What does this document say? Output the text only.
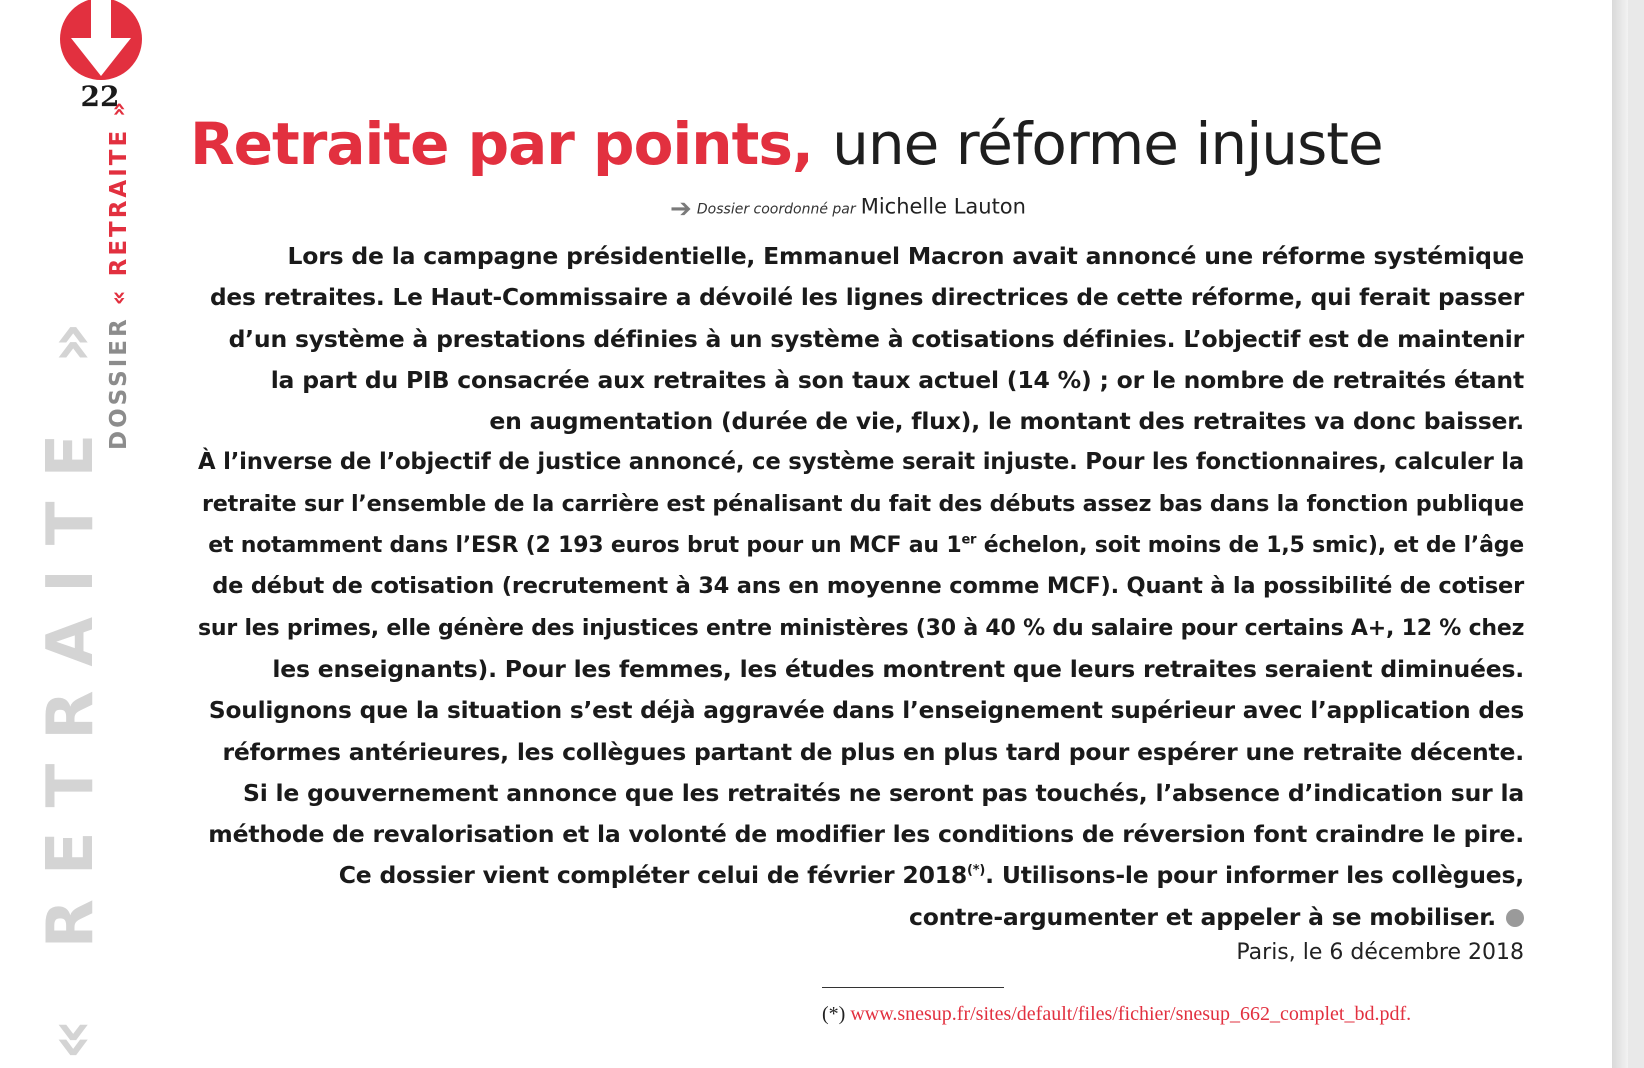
22
DOSSIER « RETRAITE »
« RETRAITE »
Retraite par points, une réforme injuste
➔ Dossier coordonné par Michelle Lauton

Lors de la campagne présidentielle, Emmanuel Macron avait annoncé une réforme systémique
des retraites. Le Haut-Commissaire a dévoilé les lignes directrices de cette réforme, qui ferait passer
d’un système à prestations définies à un système à cotisations définies. L’objectif est de maintenir
la part du PIB consacrée aux retraites à son taux actuel (14 %) ; or le nombre de retraités étant
en augmentation (durée de vie, flux), le montant des retraites va donc baisser.
À l’inverse de l’objectif de justice annoncé, ce système serait injuste. Pour les fonctionnaires, calculer la
retraite sur l’ensemble de la carrière est pénalisant du fait des débuts assez bas dans la fonction publique
et notamment dans l’ESR (2 193 euros brut pour un MCF au 1er échelon, soit moins de 1,5 smic), et de l’âge
de début de cotisation (recrutement à 34 ans en moyenne comme MCF). Quant à la possibilité de cotiser
sur les primes, elle génère des injustices entre ministères (30 à 40 % du salaire pour certains A+, 12 % chez
les enseignants). Pour les femmes, les études montrent que leurs retraites seraient diminuées.
Soulignons que la situation s’est déjà aggravée dans l’enseignement supérieur avec l’application des
réformes antérieures, les collègues partant de plus en plus tard pour espérer une retraite décente.
Si le gouvernement annonce que les retraités ne seront pas touchés, l’absence d’indication sur la
méthode de revalorisation et la volonté de modifier les conditions de réversion font craindre le pire.
Ce dossier vient compléter celui de février 2018(*). Utilisons-le pour informer les collègues,
contre-argumenter et appeler à se mobiliser.

Paris, le 6 décembre 2018
(*) www.snesup.fr/sites/default/files/fichier/snesup_662_complet_bd.pdf.
